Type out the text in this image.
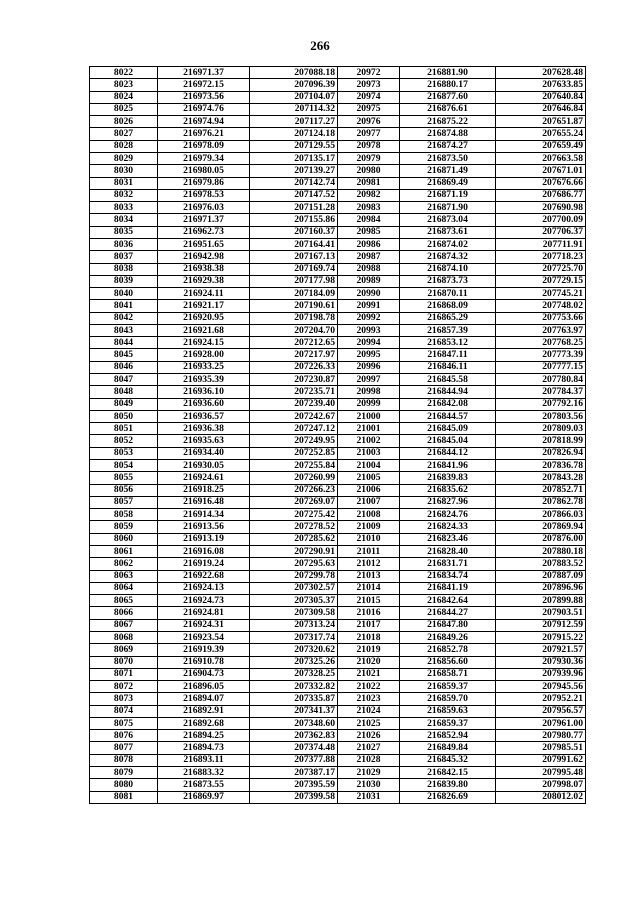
266
8022	216971.37	207088.18	20972	216881.90	207628.48
8023	216972.15	207096.39	20973	216880.17	207633.85
8024	216973.56	207104.07	20974	216877.60	207640.84
8025	216974.76	207114.32	20975	216876.61	207646.84
8026	216974.94	207117.27	20976	216875.22	207651.87
8027	216976.21	207124.18	20977	216874.88	207655.24
8028	216978.09	207129.55	20978	216874.27	207659.49
8029	216979.34	207135.17	20979	216873.50	207663.58
8030	216980.05	207139.27	20980	216871.49	207671.01
8031	216979.86	207142.74	20981	216869.49	207676.66
8032	216978.53	207147.52	20982	216871.19	207686.77
8033	216976.03	207151.28	20983	216871.90	207690.98
8034	216971.37	207155.86	20984	216873.04	207700.09
8035	216962.73	207160.37	20985	216873.61	207706.37
8036	216951.65	207164.41	20986	216874.02	207711.91
8037	216942.98	207167.13	20987	216874.32	207718.23
8038	216938.38	207169.74	20988	216874.10	207725.70
8039	216929.38	207177.98	20989	216873.73	207729.15
8040	216924.11	207184.09	20990	216870.11	207745.21
8041	216921.17	207190.61	20991	216868.09	207748.02
8042	216920.95	207198.78	20992	216865.29	207753.66
8043	216921.68	207204.70	20993	216857.39	207763.97
8044	216924.15	207212.65	20994	216853.12	207768.25
8045	216928.00	207217.97	20995	216847.11	207773.39
8046	216933.25	207226.33	20996	216846.11	207777.15
8047	216935.39	207230.87	20997	216845.58	207780.84
8048	216936.10	207235.71	20998	216844.94	207784.37
8049	216936.60	207239.40	20999	216842.08	207792.16
8050	216936.57	207242.67	21000	216844.57	207803.56
8051	216936.38	207247.12	21001	216845.09	207809.03
8052	216935.63	207249.95	21002	216845.04	207818.99
8053	216934.40	207252.85	21003	216844.12	207826.94
8054	216930.05	207255.84	21004	216841.96	207836.78
8055	216924.61	207260.99	21005	216839.83	207843.28
8056	216918.25	207266.23	21006	216835.62	207852.71
8057	216916.48	207269.07	21007	216827.96	207862.78
8058	216914.34	207275.42	21008	216824.76	207866.03
8059	216913.56	207278.52	21009	216824.33	207869.94
8060	216913.19	207285.62	21010	216823.46	207876.00
8061	216916.08	207290.91	21011	216828.40	207880.18
8062	216919.24	207295.63	21012	216831.71	207883.52
8063	216922.68	207299.78	21013	216834.74	207887.09
8064	216924.13	207302.57	21014	216841.19	207896.96
8065	216924.73	207305.37	21015	216842.64	207899.88
8066	216924.81	207309.58	21016	216844.27	207903.51
8067	216924.31	207313.24	21017	216847.80	207912.59
8068	216923.54	207317.74	21018	216849.26	207915.22
8069	216919.39	207320.62	21019	216852.78	207921.57
8070	216910.78	207325.26	21020	216856.60	207930.36
8071	216904.73	207328.25	21021	216858.71	207939.96
8072	216896.05	207332.82	21022	216859.37	207945.56
8073	216894.07	207335.87	21023	216859.70	207952.21
8074	216892.91	207341.37	21024	216859.63	207956.57
8075	216892.68	207348.60	21025	216859.37	207961.00
8076	216894.25	207362.83	21026	216852.94	207980.77
8077	216894.73	207374.48	21027	216849.84	207985.51
8078	216893.11	207377.88	21028	216845.32	207991.62
8079	216883.32	207387.17	21029	216842.15	207995.48
8080	216873.55	207395.59	21030	216839.80	207998.07
8081	216869.97	207399.58	21031	216826.69	208012.02
